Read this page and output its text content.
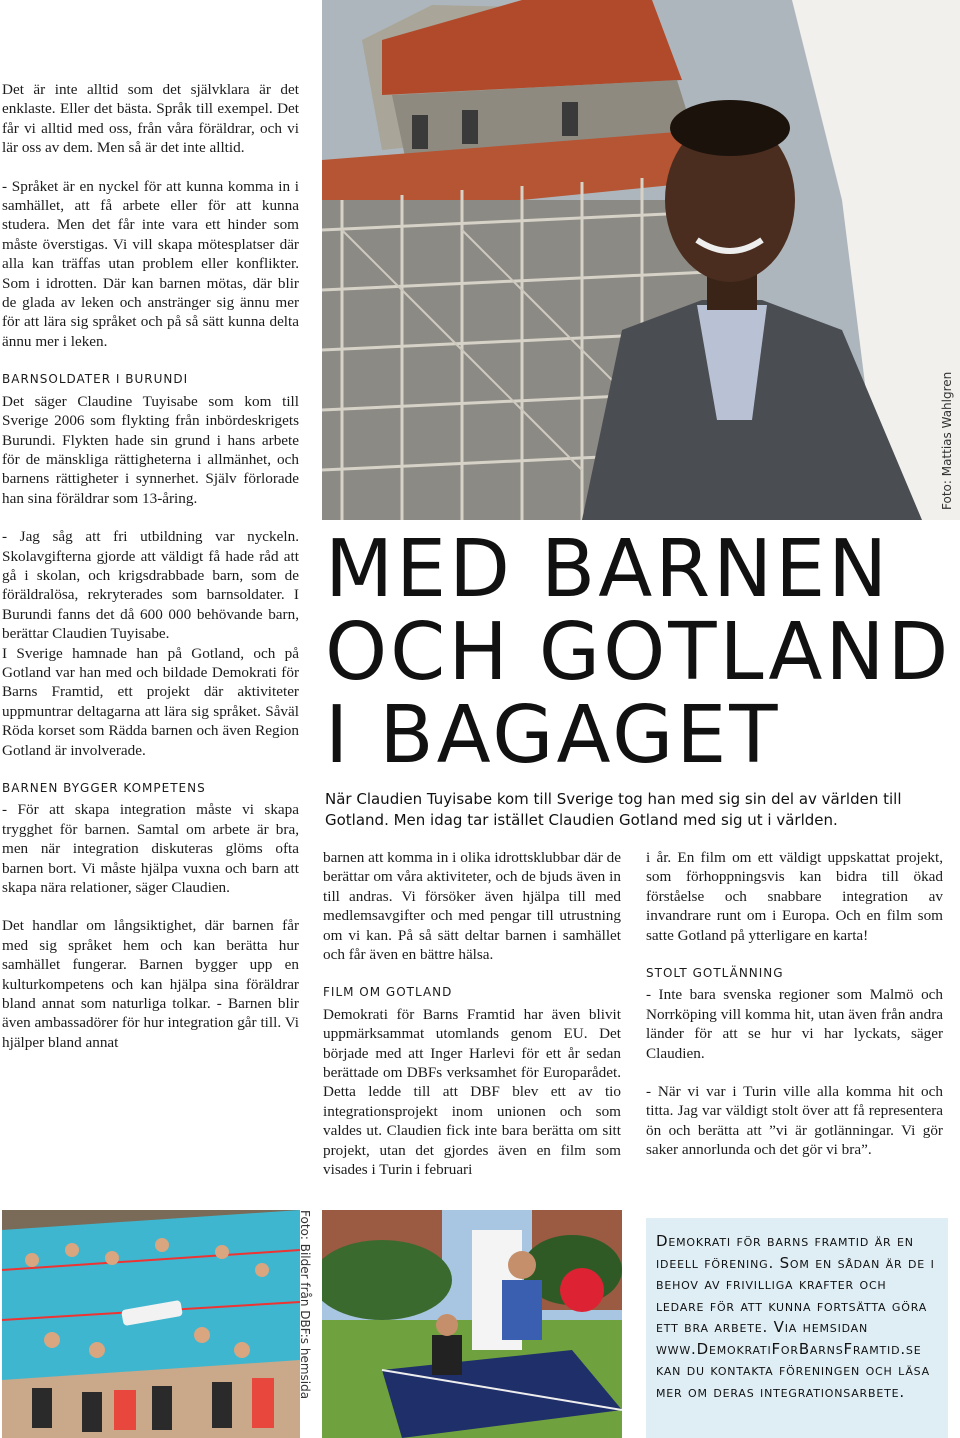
Det är inte alltid som det självklara är det enklaste. Eller det bästa. Språk till exempel. Det får vi alltid med oss, från våra föräldrar, och vi lär oss av dem. Men så är det inte alltid.

- Språket är en nyckel för att kunna komma in i samhället, att få arbete eller för att kunna studera. Men det får inte vara ett hinder som måste överstigas. Vi vill skapa mötesplatser där alla kan träffas utan problem eller konflikter. Som i idrotten. Där kan barnen mötas, där blir de glada av leken och anstränger sig ännu mer för att lära sig språket och på så sätt kunna delta ännu mer i leken.

BARNSOLDATER I BURUNDI

Det säger Claudine Tuyisabe som kom till Sverige 2006 som flykting från inbördeskrigets Burundi. Flykten hade sin grund i hans arbete för de mänskliga rättigheterna i allmänhet, och barnens rättigheter i synnerhet. Själv förlorade han sina föräldrar som 13-åring.

- Jag såg att fri utbildning var nyckeln. Skolavgifterna gjorde att väldigt få hade råd att gå i skolan, och krigsdrabbade barn, som de föräldralösa, rekryterades som barnsoldater. I Burundi fanns det då 600 000 behövande barn, berättar Claudien Tuyisabe.

I Sverige hamnade han på Gotland, och på Gotland var han med och bildade Demokrati för Barns Framtid, ett projekt där aktiviteter uppmuntrar deltagarna att lära sig språket. Såväl Röda korset som Rädda barnen och även Region Gotland är involverade.

BARNEN BYGGER KOMPETENS

- För att skapa integration måste vi skapa trygghet för barnen. Samtal om arbete är bra, men när integration diskuteras glöms ofta barnen bort. Vi måste hjälpa vuxna och barn att skapa nära relationer, säger Claudien.

Det handlar om långsiktighet, där barnen får med sig språket hem och kan berätta hur samhället fungerar. Barnen bygger upp en kulturkompetens och kan hjälpa sina föräldrar bland annat som naturliga tolkar. - Barnen blir även ambassadörer för hur integration går till. Vi hjälper bland annat

Foto: Mattias Wahlgren
MED BARNEN
OCH GOTLAND
I BAGAGET

När Claudien Tuyisabe kom till Sverige tog han med sig sin del av världen till Gotland. Men idag tar istället Claudien Gotland med sig ut i världen.

barnen att komma in i olika idrottsklubbar där de berättar om våra aktiviteter, och de bjuds även in till andras. Vi försöker även hjälpa till med medlemsavgifter och med pengar till utrustning om vi kan. På så sätt deltar barnen i samhället och får även en bättre hälsa.

FILM OM GOTLAND

Demokrati för Barns Framtid har även blivit uppmärksammat utomlands genom EU. Det började med att Inger Harlevi för ett år sedan berättade om DBFs verksamhet för Europarådet. Detta ledde till att DBF blev ett av tio integrationsprojekt inom unionen och som valdes ut. Claudien fick inte bara berätta om sitt projekt, utan det gjordes även en film som visades i Turin i februari

i år. En film om ett väldigt uppskattat projekt, som förhoppningsvis kan bidra till ökad förståelse och snabbare integration av invandrare runt om i Europa. Och en film som satte Gotland på ytterligare en karta!

STOLT GOTLÄNNING

- Inte bara svenska regioner som Malmö och Norrköping vill komma hit, utan även från andra länder för att se hur vi har lyckats, säger Claudien.

- När vi var i Turin ville alla komma hit och titta. Jag var väldigt stolt över att få representera ön och berätta att ”vi är gotlänningar. Vi gör saker annorlunda och det gör vi bra”.

Foto: Bilder från DBF:s hemsida	Demokrati för barns framtid är en ideell förening. Som en sådan är de i behov av frivilliga krafter och ledare för att kunna fortsätta göra ett bra arbete. Via hemsidan www.DemokratiForBarnsFramtid.se kan du kontakta föreningen och läsa mer om deras integrationsarbete.
